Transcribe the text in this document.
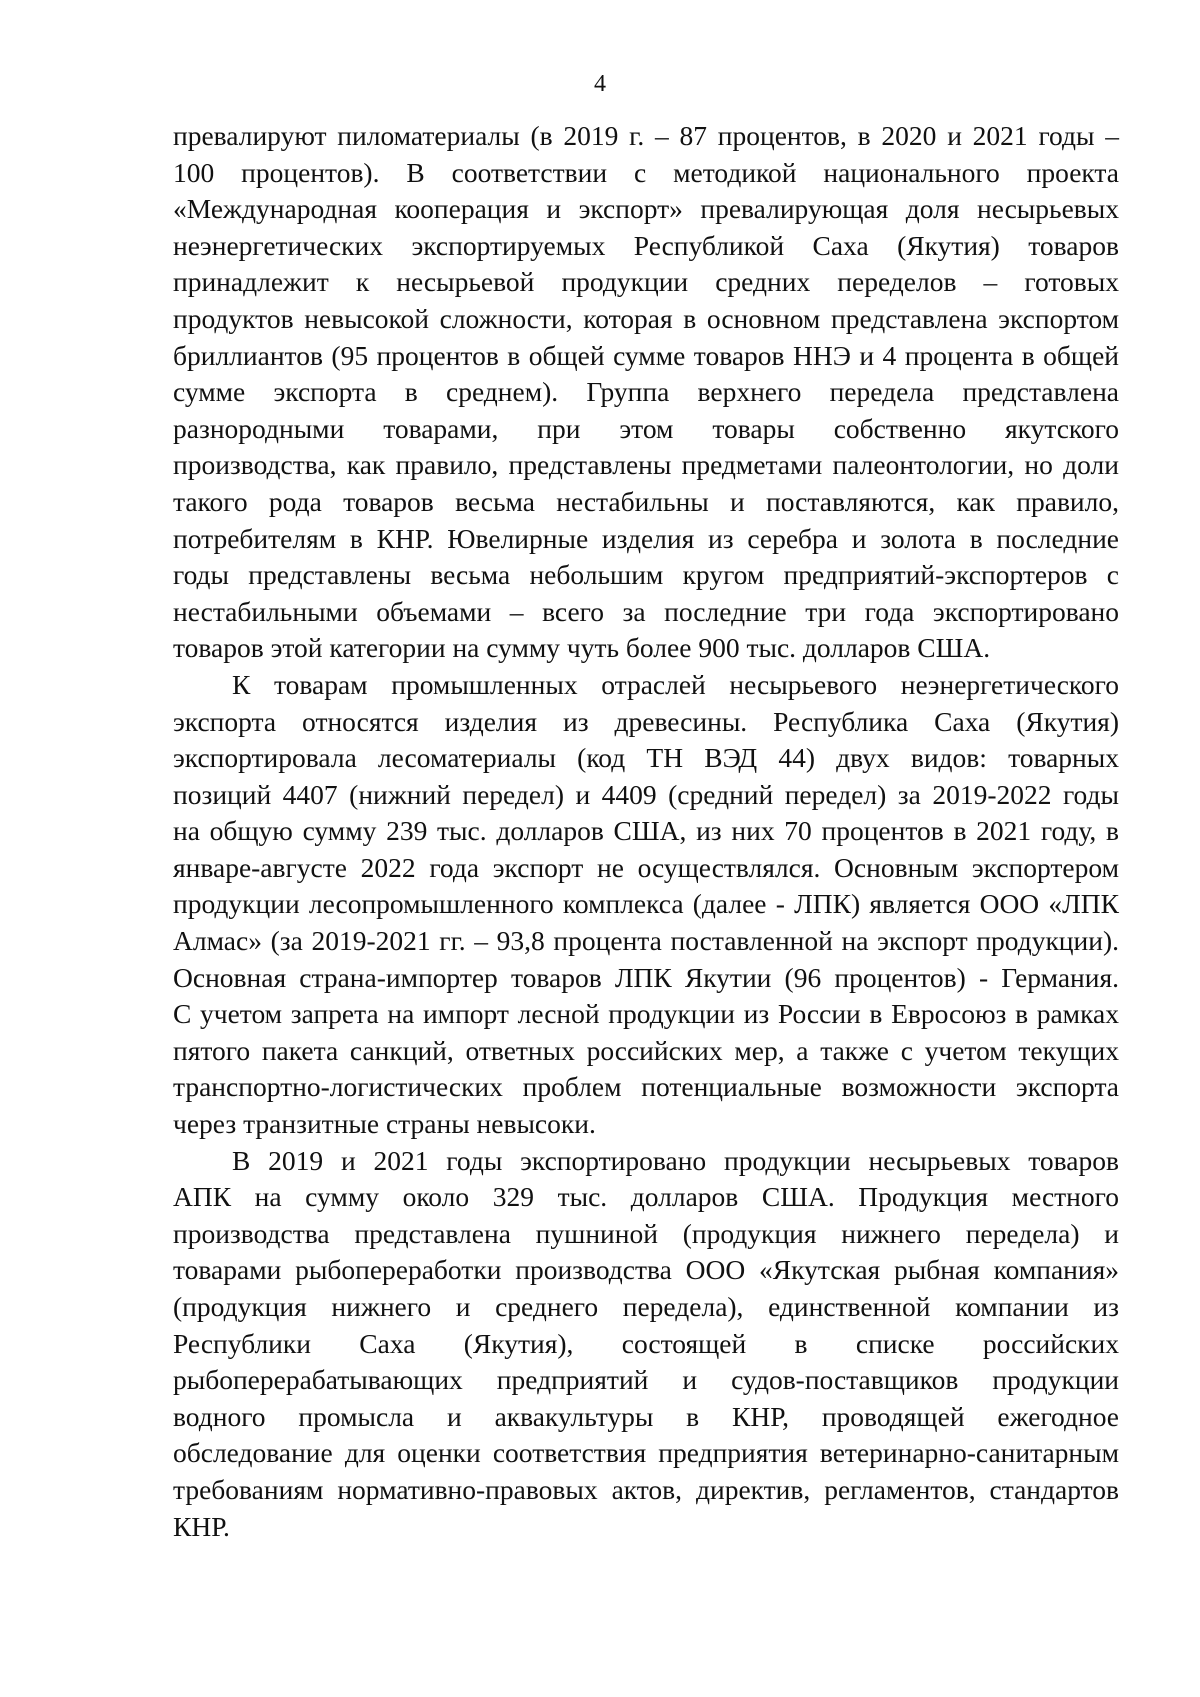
4
превалируют пиломатериалы (в 2019 г. – 87 процентов, в 2020 и 2021 годы –
100 процентов). В соответствии с методикой национального проекта
«Международная кооперация и экспорт» превалирующая доля несырьевых
неэнергетических экспортируемых Республикой Саха (Якутия) товаров
принадлежит к несырьевой продукции средних переделов – готовых
продуктов невысокой сложности, которая в основном представлена экспортом
бриллиантов (95 процентов в общей сумме товаров ННЭ и 4 процента в общей
сумме экспорта в среднем). Группа верхнего передела представлена
разнородными товарами, при этом товары собственно якутского
производства, как правило, представлены предметами палеонтологии, но доли
такого рода товаров весьма нестабильны и поставляются, как правило,
потребителям в КНР. Ювелирные изделия из серебра и золота в последние
годы представлены весьма небольшим кругом предприятий-экспортеров с
нестабильными объемами – всего за последние три года экспортировано
товаров этой категории на сумму чуть более 900 тыс. долларов США.
К товарам промышленных отраслей несырьевого неэнергетического
экспорта относятся изделия из древесины. Республика Саха (Якутия)
экспортировала лесоматериалы (код ТН ВЭД 44) двух видов: товарных
позиций 4407 (нижний передел) и 4409 (средний передел) за 2019-2022 годы
на общую сумму 239 тыс. долларов США, из них 70 процентов в 2021 году, в
январе-августе 2022 года экспорт не осуществлялся. Основным экспортером
продукции лесопромышленного комплекса (далее - ЛПК) является ООО «ЛПК
Алмас» (за 2019-2021 гг. – 93,8 процента поставленной на экспорт продукции).
Основная страна-импортер товаров ЛПК Якутии (96 процентов) - Германия.
С учетом запрета на импорт лесной продукции из России в Евросоюз в рамках
пятого пакета санкций, ответных российских мер, а также с учетом текущих
транспортно-логистических проблем потенциальные возможности экспорта
через транзитные страны невысоки.
В 2019 и 2021 годы экспортировано продукции несырьевых товаров
АПК на сумму около 329 тыс. долларов США. Продукция местного
производства представлена пушниной (продукция нижнего передела) и
товарами рыбопереработки производства ООО «Якутская рыбная компания»
(продукция нижнего и среднего передела), единственной компании из
Республики Саха (Якутия), состоящей в списке российских
рыбоперерабатывающих предприятий и судов-поставщиков продукции
водного промысла и аквакультуры в КНР, проводящей ежегодное
обследование для оценки соответствия предприятия ветеринарно-санитарным
требованиям нормативно-правовых актов, директив, регламентов, стандартов
КНР.
